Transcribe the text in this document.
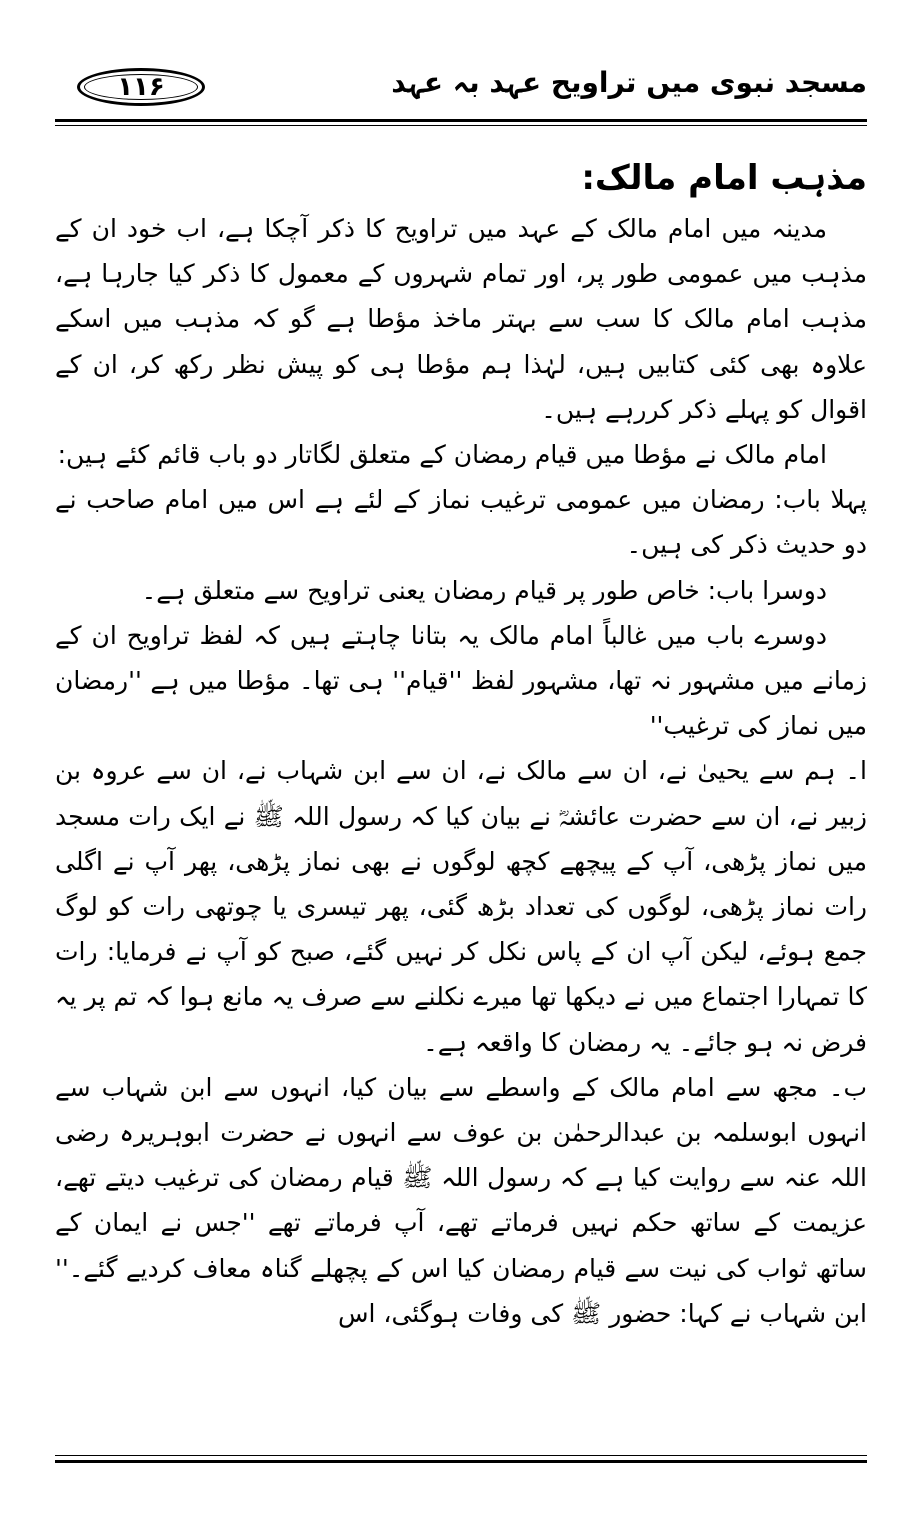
مسجد نبوی میں تراویح عہد بہ عہد
۱۱۶
مذہب امام مالک:

مدینہ میں امام مالک کے عہد میں تراویح کا ذکر آچکا ہے، اب خود ان کے مذہب میں عمومی طور پر، اور تمام شہروں کے معمول کا ذکر کیا جارہا ہے، مذہب امام مالک کا سب سے بہتر ماخذ مؤطا ہے گو کہ مذہب میں اسکے علاوہ بھی کئی کتابیں ہیں، لہٰذا ہم مؤطا ہی کو پیش نظر رکھ کر، ان کے اقوال کو پہلے ذکر کررہے ہیں۔

امام مالک نے مؤطا میں قیام رمضان کے متعلق لگاتار دو باب قائم کئے ہیں:

پہلا باب: رمضان میں عمومی ترغیب نماز کے لئے ہے اس میں امام صاحب نے دو حدیث ذکر کی ہیں۔

دوسرا باب: خاص طور پر قیام رمضان یعنی تراویح سے متعلق ہے۔

دوسرے باب میں غالباً امام مالک یہ بتانا چاہتے ہیں کہ لفظ تراویح ان کے زمانے میں مشہور نہ تھا، مشہور لفظ ''قیام'' ہی تھا۔ مؤطا میں ہے ''رمضان میں نماز کی ترغیب''

ا۔ ہم سے یحییٰ نے، ان سے مالک نے، ان سے ابن شہاب نے، ان سے عروہ بن زبیر نے، ان سے حضرت عائشہؓ نے بیان کیا کہ رسول اللہ ﷺ نے ایک رات مسجد میں نماز پڑھی، آپ کے پیچھے کچھ لوگوں نے بھی نماز پڑھی، پھر آپ نے اگلی رات نماز پڑھی، لوگوں کی تعداد بڑھ گئی، پھر تیسری یا چوتھی رات کو لوگ جمع ہوئے، لیکن آپ ان کے پاس نکل کر نہیں گئے، صبح کو آپ نے فرمایا: رات کا تمہارا اجتماع میں نے دیکھا تھا میرے نکلنے سے صرف یہ مانع ہوا کہ تم پر یہ فرض نہ ہو جائے۔ یہ رمضان کا واقعہ ہے۔

ب۔ مجھ سے امام مالک کے واسطے سے بیان کیا، انہوں سے ابن شہاب سے انہوں ابوسلمہ بن عبدالرحمٰن بن عوف سے انہوں نے حضرت ابوہریرہ رضی اللہ عنہ سے روایت کیا ہے کہ رسول اللہ ﷺ قیام رمضان کی ترغیب دیتے تھے، عزیمت کے ساتھ حکم نہیں فرماتے تھے، آپ فرماتے تھے ''جس نے ایمان کے ساتھ ثواب کی نیت سے قیام رمضان کیا اس کے پچھلے گناہ معاف کردیے گئے۔'' ابن شہاب نے کہا: حضور ﷺ کی وفات ہوگئی، اس
